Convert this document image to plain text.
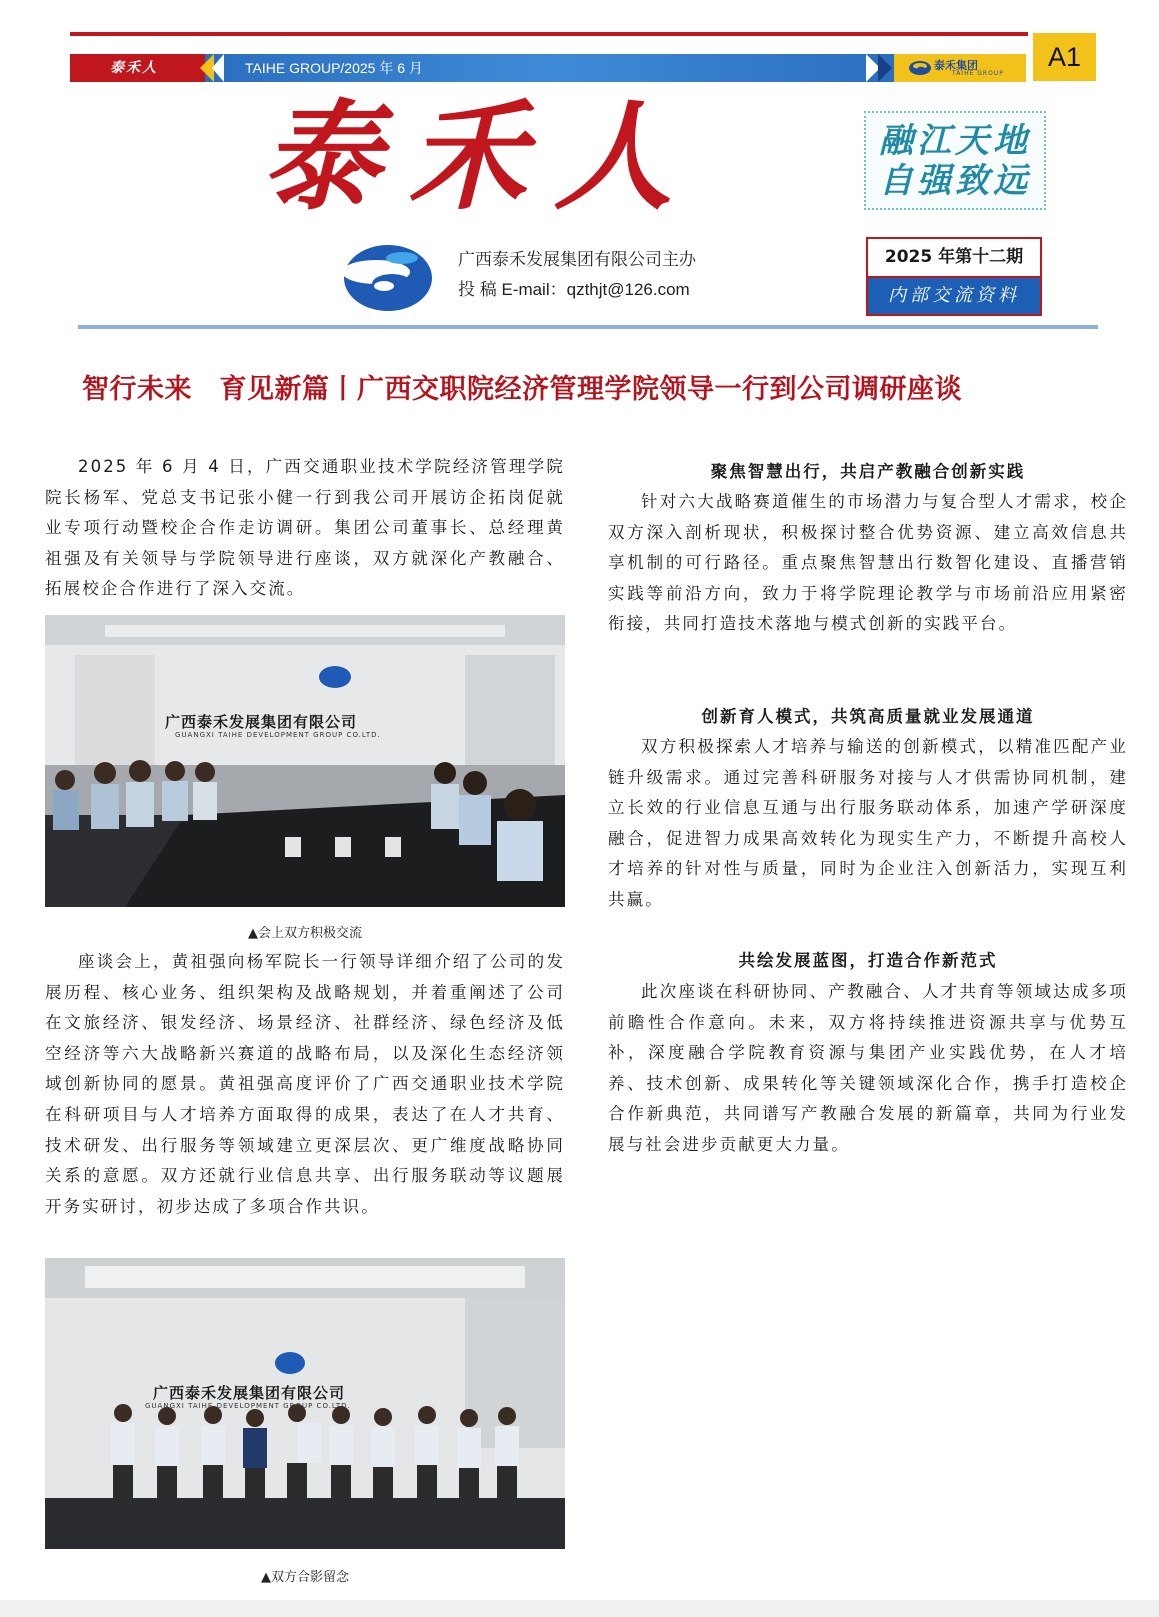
泰禾人	TAIHE GROUP/2025 年 6 月	泰禾集团
TAIHE GROUP
A1
泰禾人	融江天地
自强致远
广西泰禾发展集团有限公司主办
投 稿 E-mail：qzthjt@126.com
2025 年第十二期
内部交流资料
智行未来　育见新篇丨广西交职院经济管理学院领导一行到公司调研座谈

2025 年 6 月 4 日，广西交通职业技术学院经济管理学院院长杨军、党总支书记张小健一行到我公司开展访企拓岗促就业专项行动暨校企合作走访调研。集团公司董事长、总经理黄祖强及有关领导与学院领导进行座谈，双方就深化产教融合、拓展校企合作进行了深入交流。

广西泰禾发展集团有限公司
GUANGXI TAIHE DEVELOPMENT GROUP CO.LTD.
▲会上双方积极交流

座谈会上，黄祖强向杨军院长一行领导详细介绍了公司的发展历程、核心业务、组织架构及战略规划，并着重阐述了公司在文旅经济、银发经济、场景经济、社群经济、绿色经济及低空经济等六大战略新兴赛道的战略布局，以及深化生态经济领域创新协同的愿景。黄祖强高度评价了广西交通职业技术学院在科研项目与人才培养方面取得的成果，表达了在人才共育、技术研发、出行服务等领域建立更深层次、更广维度战略协同关系的意愿。双方还就行业信息共享、出行服务联动等议题展开务实研讨，初步达成了多项合作共识。

广西泰禾发展集团有限公司
GUANGXI TAIHE DEVELOPMENT GROUP CO.LTD.
▲双方合影留念
聚焦智慧出行，共启产教融合创新实践

针对六大战略赛道催生的市场潜力与复合型人才需求，校企双方深入剖析现状，积极探讨整合优势资源、建立高效信息共享机制的可行路径。重点聚焦智慧出行数智化建设、直播营销实践等前沿方向，致力于将学院理论教学与市场前沿应用紧密衔接，共同打造技术落地与模式创新的实践平台。

创新育人模式，共筑高质量就业发展通道

双方积极探索人才培养与输送的创新模式，以精准匹配产业链升级需求。通过完善科研服务对接与人才供需协同机制，建立长效的行业信息互通与出行服务联动体系，加速产学研深度融合，促进智力成果高效转化为现实生产力，不断提升高校人才培养的针对性与质量，同时为企业注入创新活力，实现互利共赢。

共绘发展蓝图，打造合作新范式

此次座谈在科研协同、产教融合、人才共育等领域达成多项前瞻性合作意向。未来，双方将持续推进资源共享与优势互补，深度融合学院教育资源与集团产业实践优势，在人才培养、技术创新、成果转化等关键领域深化合作，携手打造校企合作新典范，共同谱写产教融合发展的新篇章，共同为行业发展与社会进步贡献更大力量。
